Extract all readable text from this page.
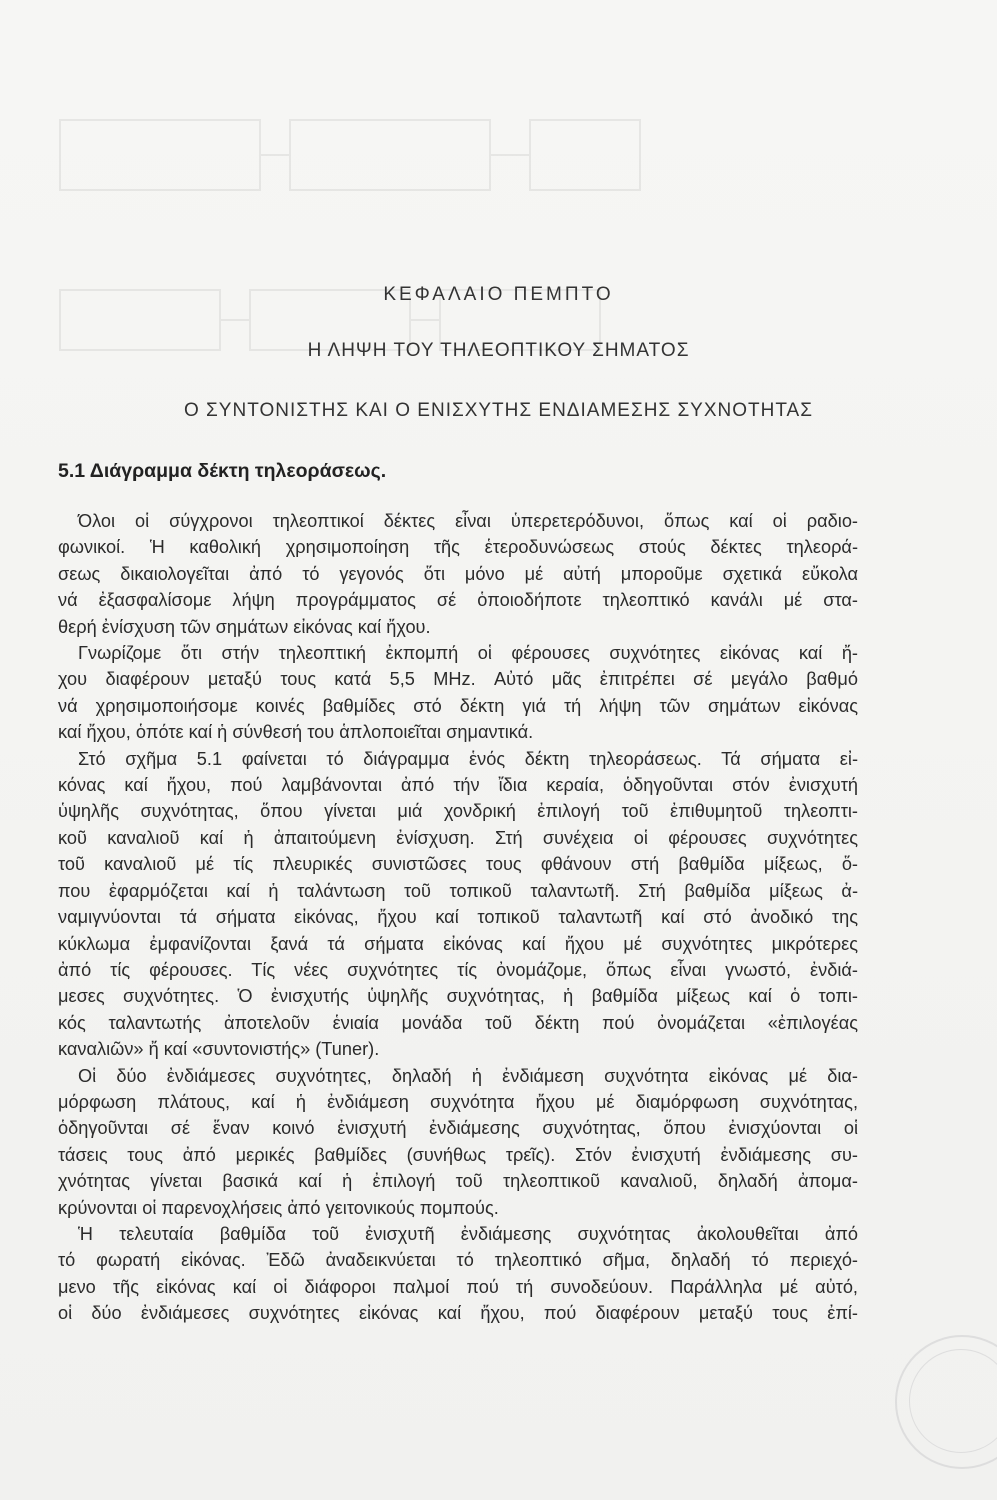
ΚΕΦΑΛΑΙΟ ΠΕΜΠΤΟ
Η ΛΗΨΗ ΤΟΥ ΤΗΛΕΟΠΤΙΚΟΥ ΣΗΜΑΤΟΣ
Ο ΣΥΝΤΟΝΙΣΤΗΣ ΚΑΙ Ο ΕΝΙΣΧΥΤΗΣ ΕΝΔΙΑΜΕΣΗΣ ΣΥΧΝΟΤΗΤΑΣ
5.1 Διάγραμμα δέκτη τηλεοράσεως.

Όλοι οἱ σύγχρονοι τηλεοπτικοί δέκτες εἶναι ὑπερετερόδυνοι, ὅπως καί οἱ ραδιο-
φωνικοί. Ἡ καθολική χρησιμοποίηση τῆς ἑτεροδυνώσεως στούς δέκτες τηλεορά-
σεως δικαιολογεῖται ἀπό τό γεγονός ὅτι μόνο μέ αὐτή μποροῦμε σχετικά εὔκολα
νά ἐξασφαλίσομε λήψη προγράμματος σέ ὁποιοδήποτε τηλεοπτικό κανάλι μέ στα-
θερή ἐνίσχυση τῶν σημάτων εἰκόνας καί ἤχου.

Γνωρίζομε ὅτι στήν τηλεοπτική ἐκπομπή οἱ φέρουσες συχνότητες εἰκόνας καί ἤ-
χου διαφέρουν μεταξύ τους κατά 5,5 MHz. Αὐτό μᾶς ἐπιτρέπει σέ μεγάλο βαθμό
νά χρησιμοποιήσομε κοινές βαθμίδες στό δέκτη γιά τή λήψη τῶν σημάτων εἰκόνας
καί ἤχου, ὁπότε καί ἡ σύνθεσή του ἁπλοποιεῖται σημαντικά.

Στό σχῆμα 5.1 φαίνεται τό διάγραμμα ἑνός δέκτη τηλεοράσεως. Τά σήματα εἰ-
κόνας καί ἤχου, πού λαμβάνονται ἀπό τήν ἴδια κεραία, ὁδηγοῦνται στόν ἐνισχυτή
ὑψηλῆς συχνότητας, ὅπου γίνεται μιά χονδρική ἐπιλογή τοῦ ἐπιθυμητοῦ τηλεοπτι-
κοῦ καναλιοῦ καί ἡ ἀπαιτούμενη ἐνίσχυση. Στή συνέχεια οἱ φέρουσες συχνότητες
τοῦ καναλιοῦ μέ τίς πλευρικές συνιστῶσες τους φθάνουν στή βαθμίδα μίξεως, ὅ-
που ἐφαρμόζεται καί ἡ ταλάντωση τοῦ τοπικοῦ ταλαντωτῆ. Στή βαθμίδα μίξεως ἀ-
ναμιγνύονται τά σήματα εἰκόνας, ἤχου καί τοπικοῦ ταλαντωτῆ καί στό ἀνοδικό της
κύκλωμα ἐμφανίζονται ξανά τά σήματα εἰκόνας καί ἤχου μέ συχνότητες μικρότερες
ἀπό τίς φέρουσες. Τίς νέες συχνότητες τίς ὀνομάζομε, ὅπως εἶναι γνωστό, ἐνδιά-
μεσες συχνότητες. Ὁ ἐνισχυτής ὑψηλῆς συχνότητας, ἡ βαθμίδα μίξεως καί ὁ τοπι-
κός ταλαντωτής ἀποτελοῦν ἑνιαία μονάδα τοῦ δέκτη πού ὀνομάζεται «ἐπιλογέας
καναλιῶν» ἤ καί «συντονιστής» (Tuner).

Οἱ δύο ἐνδιάμεσες συχνότητες, δηλαδή ἡ ἐνδιάμεση συχνότητα εἰκόνας μέ δια-
μόρφωση πλάτους, καί ἡ ἐνδιάμεση συχνότητα ἤχου μέ διαμόρφωση συχνότητας,
ὁδηγοῦνται σέ ἕναν κοινό ἐνισχυτή ἐνδιάμεσης συχνότητας, ὅπου ἐνισχύονται οἱ
τάσεις τους ἀπό μερικές βαθμίδες (συνήθως τρεῖς). Στόν ἐνισχυτή ἐνδιάμεσης συ-
χνότητας γίνεται βασικά καί ἡ ἐπιλογή τοῦ τηλεοπτικοῦ καναλιοῦ, δηλαδή ἀπομα-
κρύνονται οἱ παρενοχλήσεις ἀπό γειτονικούς πομπούς.

Ἡ τελευταία βαθμίδα τοῦ ἐνισχυτῆ ἐνδιάμεσης συχνότητας ἀκολουθεῖται ἀπό
τό φωρατή εἰκόνας. Ἐδῶ ἀναδεικνύεται τό τηλεοπτικό σῆμα, δηλαδή τό περιεχό-
μενο τῆς εἰκόνας καί οἱ διάφοροι παλμοί πού τή συνοδεύουν. Παράλληλα μέ αὐτό,
οἱ δύο ἐνδιάμεσες συχνότητες εἰκόνας καί ἤχου, πού διαφέρουν μεταξύ τους ἐπί-
